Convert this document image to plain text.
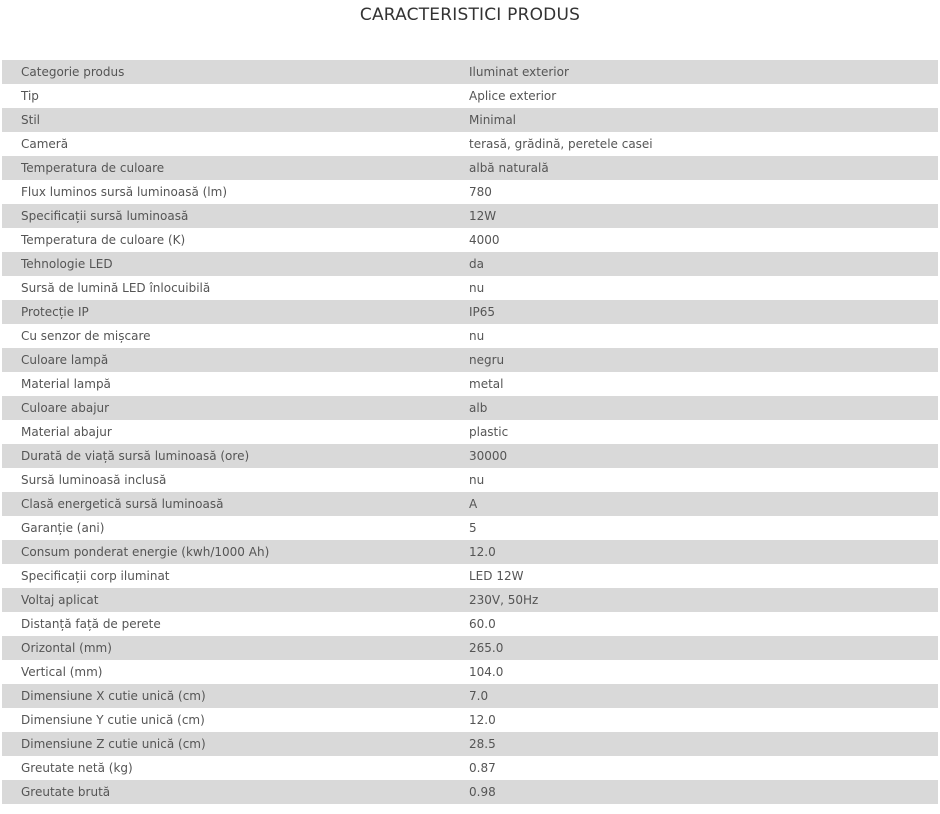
CARACTERISTICI PRODUS
Categorie produs	Iluminat exterior
Tip	Aplice exterior
Stil	Minimal
Cameră	terasă, grădină, peretele casei
Temperatura de culoare	albă naturală
Flux luminos sursă luminoasă (lm)	780
Specificații sursă luminoasă	12W
Temperatura de culoare (K)	4000
Tehnologie LED	da
Sursă de lumină LED înlocuibilă	nu
Protecție IP	IP65
Cu senzor de mișcare	nu
Culoare lampă	negru
Material lampă	metal
Culoare abajur	alb
Material abajur	plastic
Durată de viață sursă luminoasă (ore)	30000
Sursă luminoasă inclusă	nu
Clasă energetică sursă luminoasă	A
Garanție (ani)	5
Consum ponderat energie (kwh/1000 Ah)	12.0
Specificații corp iluminat	LED 12W
Voltaj aplicat	230V, 50Hz
Distanță față de perete	60.0
Orizontal (mm)	265.0
Vertical (mm)	104.0
Dimensiune X cutie unică (cm)	7.0
Dimensiune Y cutie unică (cm)	12.0
Dimensiune Z cutie unică (cm)	28.5
Greutate netă (kg)	0.87
Greutate brută	0.98
